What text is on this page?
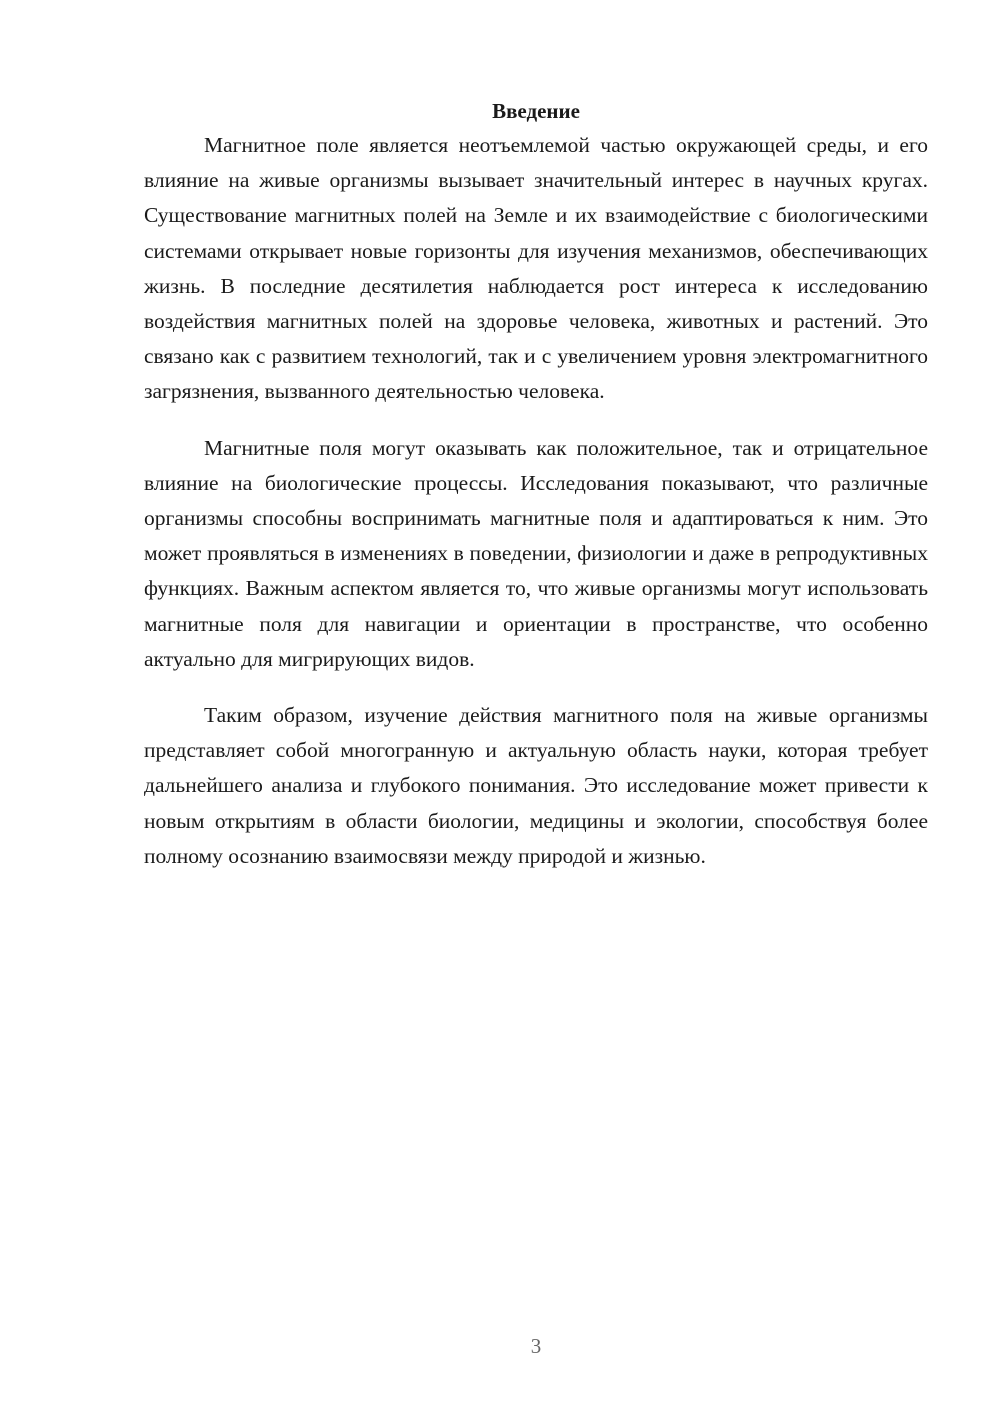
Введение

Магнитное поле является неотъемлемой частью окружающей среды, и его влияние на живые организмы вызывает значительный интерес в научных кругах. Существование магнитных полей на Земле и их взаимодействие с биологическими системами открывает новые горизонты для изучения механизмов, обеспечивающих жизнь. В последние десятилетия наблюдается рост интереса к исследованию воздействия магнитных полей на здоровье человека, животных и растений. Это связано как с развитием технологий, так и с увеличением уровня электромагнитного загрязнения, вызванного деятельностью человека.

Магнитные поля могут оказывать как положительное, так и отрицательное влияние на биологические процессы. Исследования показывают, что различные организмы способны воспринимать магнитные поля и адаптироваться к ним. Это может проявляться в изменениях в поведении, физиологии и даже в репродуктивных функциях. Важным аспектом является то, что живые организмы могут использовать магнитные поля для навигации и ориентации в пространстве, что особенно актуально для мигрирующих видов.

Таким образом, изучение действия магнитного поля на живые организмы представляет собой многогранную и актуальную область науки, которая требует дальнейшего анализа и глубокого понимания. Это исследование может привести к новым открытиям в области биологии, медицины и экологии, способствуя более полному осознанию взаимосвязи между природой и жизнью.

3
